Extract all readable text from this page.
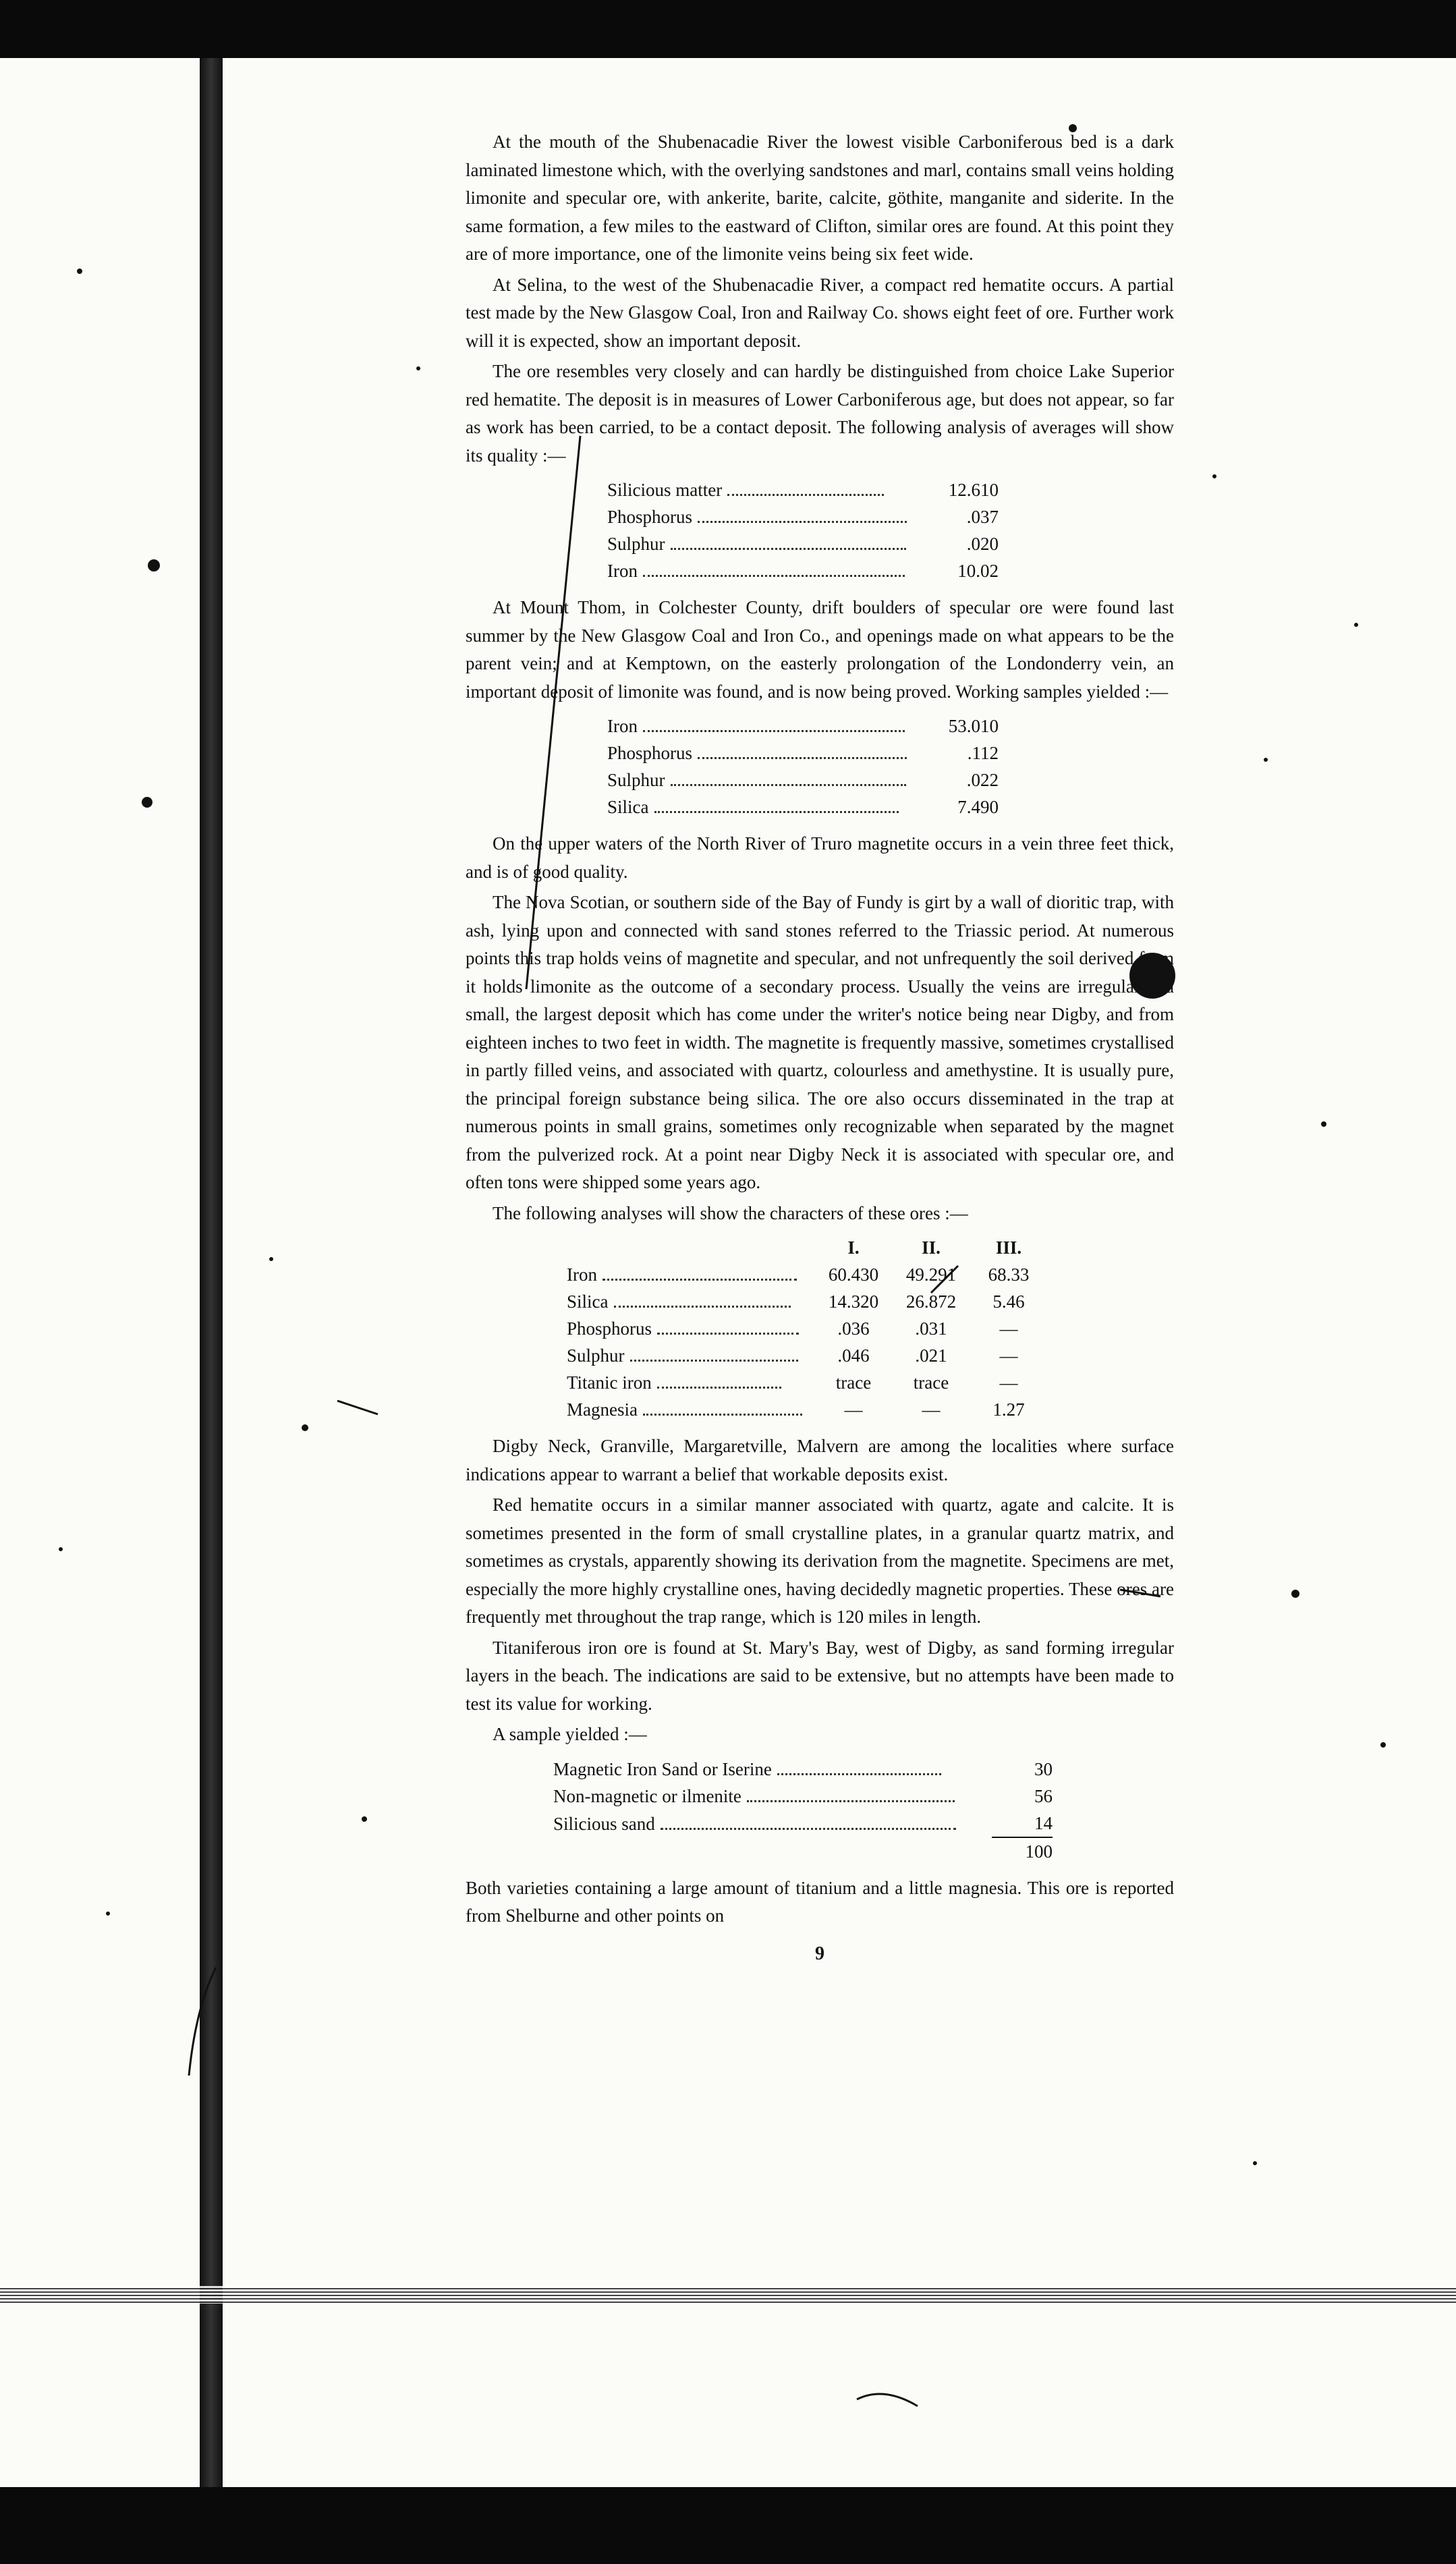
At the mouth of the Shubenacadie River the lowest visible Carboniferous bed is a dark laminated limestone which, with the overlying sandstones and marl, contains small veins holding limonite and specular ore, with ankerite, barite, calcite, göthite, manganite and siderite. In the same formation, a few miles to the eastward of Clifton, similar ores are found. At this point they are of more importance, one of the limonite veins being six feet wide.

At Selina, to the west of the Shubenacadie River, a compact red hematite occurs. A partial test made by the New Glasgow Coal, Iron and Railway Co. shows eight feet of ore. Further work will it is expected, show an important deposit.

The ore resembles very closely and can hardly be distinguished from choice Lake Superior red hematite. The deposit is in measures of Lower Carboniferous age, but does not appear, so far as work has been carried, to be a contact deposit. The following analysis of averages will show its quality :—

Silicious matter	12.610
Phosphorus	.037
Sulphur	.020
Iron	10.02

At Mount Thom, in Colchester County, drift boulders of specular ore were found last summer by the New Glasgow Coal and Iron Co., and openings made on what appears to be the parent vein; and at Kemptown, on the easterly prolongation of the Londonderry vein, an important deposit of limonite was found, and is now being proved. Working samples yielded :—

Iron	53.010
Phosphorus	.112
Sulphur	.022
Silica	7.490

On the upper waters of the North River of Truro magnetite occurs in a vein three feet thick, and is of good quality.

The Nova Scotian, or southern side of the Bay of Fundy is girt by a wall of dioritic trap, with ash, lying upon and connected with sand stones referred to the Triassic period. At numerous points this trap holds veins of magnetite and specular, and not unfrequently the soil derived from it holds limonite as the outcome of a secondary process. Usually the veins are irregular and small, the largest deposit which has come under the writer's notice being near Digby, and from eighteen inches to two feet in width. The magnetite is frequently massive, sometimes crystallised in partly filled veins, and associated with quartz, colourless and amethystine. It is usually pure, the principal foreign substance being silica. The ore also occurs disseminated in the trap at numerous points in small grains, sometimes only recognizable when separated by the magnet from the pulverized rock. At a point near Digby Neck it is associated with specular ore, and often tons were shipped some years ago.

The following analyses will show the characters of these ores :—

	I.	II.	III.
Iron	60.430	49.291	68.33
Silica	14.320	26.872	5.46
Phosphorus	.036	.031	—
Sulphur	.046	.021	—
Titanic iron	trace	trace	—
Magnesia	—	—	1.27

Digby Neck, Granville, Margaretville, Malvern are among the localities where surface indications appear to warrant a belief that workable deposits exist.

Red hematite occurs in a similar manner associated with quartz, agate and calcite. It is sometimes presented in the form of small crystalline plates, in a granular quartz matrix, and sometimes as crystals, apparently showing its derivation from the magnetite. Specimens are met, especially the more highly crystalline ones, having decidedly magnetic properties. These ores are frequently met throughout the trap range, which is 120 miles in length.

Titaniferous iron ore is found at St. Mary's Bay, west of Digby, as sand forming irregular layers in the beach. The indications are said to be extensive, but no attempts have been made to test its value for working.

A sample yielded :—

Magnetic Iron Sand or Iserine	30
Non-magnetic or ilmenite	56
Silicious sand	14
	100

Both varieties containing a large amount of titanium and a little magnesia. This ore is reported from Shelburne and other points on

9
